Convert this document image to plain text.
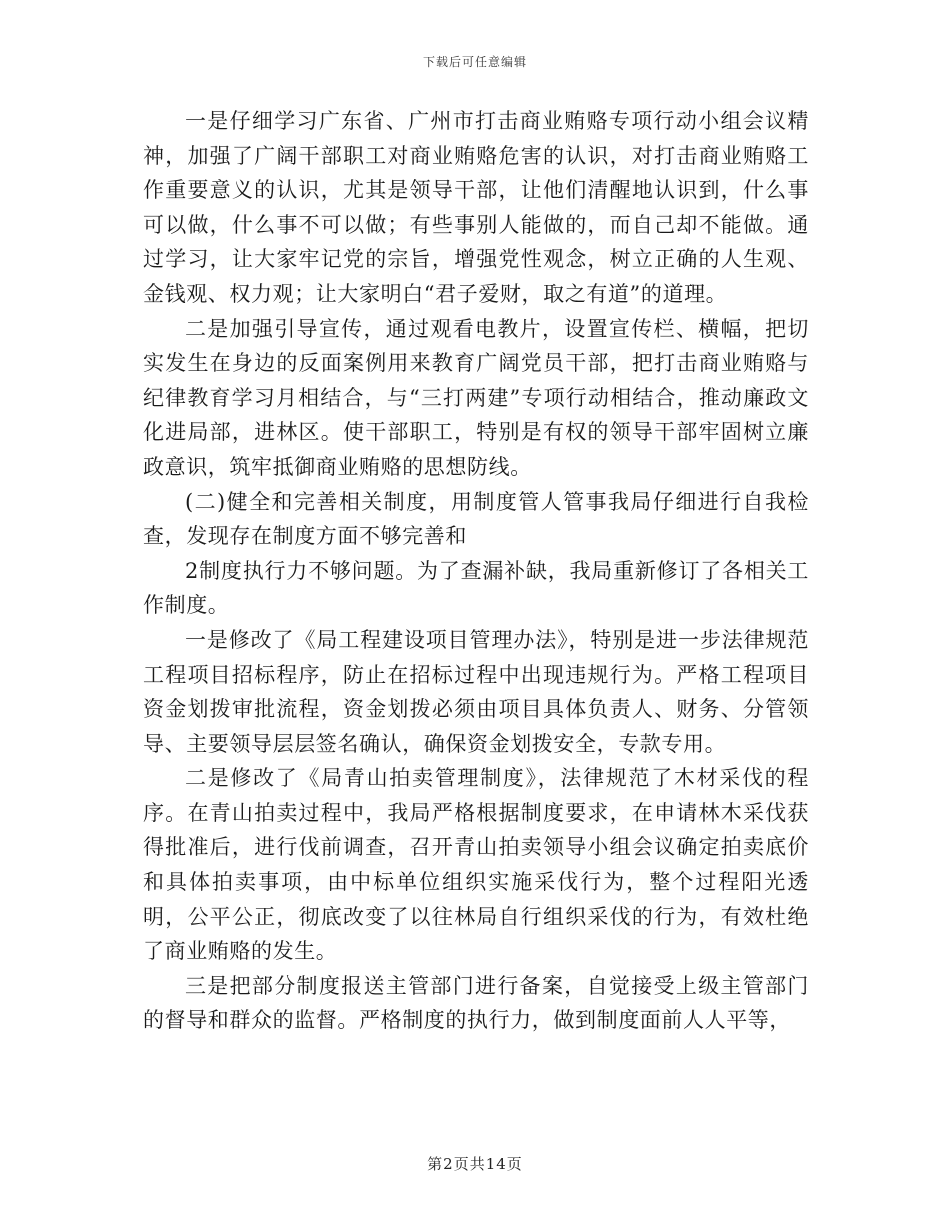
下载后可任意编辑

一是仔细学习广东省、广州市打击商业贿赂专项行动小组会议精神，加强了广阔干部职工对商业贿赂危害的认识，对打击商业贿赂工作重要意义的认识，尤其是领导干部，让他们清醒地认识到，什么事可以做，什么事不可以做；有些事别人能做的，而自己却不能做。通过学习，让大家牢记党的宗旨，增强党性观念，树立正确的人生观、金钱观、权力观；让大家明白“君子爱财，取之有道”的道理。

二是加强引导宣传，通过观看电教片，设置宣传栏、横幅，把切实发生在身边的反面案例用来教育广阔党员干部，把打击商业贿赂与纪律教育学习月相结合，与“三打两建”专项行动相结合，推动廉政文化进局部，进林区。使干部职工，特别是有权的领导干部牢固树立廉政意识，筑牢抵御商业贿赂的思想防线。

(二)健全和完善相关制度，用制度管人管事我局仔细进行自我检查，发现存在制度方面不够完善和

2制度执行力不够问题。为了查漏补缺，我局重新修订了各相关工作制度。

一是修改了《局工程建设项目管理办法》，特别是进一步法律规范工程项目招标程序，防止在招标过程中出现违规行为。严格工程项目资金划拨审批流程，资金划拨必须由项目具体负责人、财务、分管领导、主要领导层层签名确认，确保资金划拨安全，专款专用。

二是修改了《局青山拍卖管理制度》，法律规范了木材采伐的程序。在青山拍卖过程中，我局严格根据制度要求，在申请林木采伐获得批准后，进行伐前调查，召开青山拍卖领导小组会议确定拍卖底价和具体拍卖事项，由中标单位组织实施采伐行为，整个过程阳光透明，公平公正，彻底改变了以往林局自行组织采伐的行为，有效杜绝了商业贿赂的发生。

三是把部分制度报送主管部门进行备案，自觉接受上级主管部门的督导和群众的监督。严格制度的执行力，做到制度面前人人平等，

第2页共14页
